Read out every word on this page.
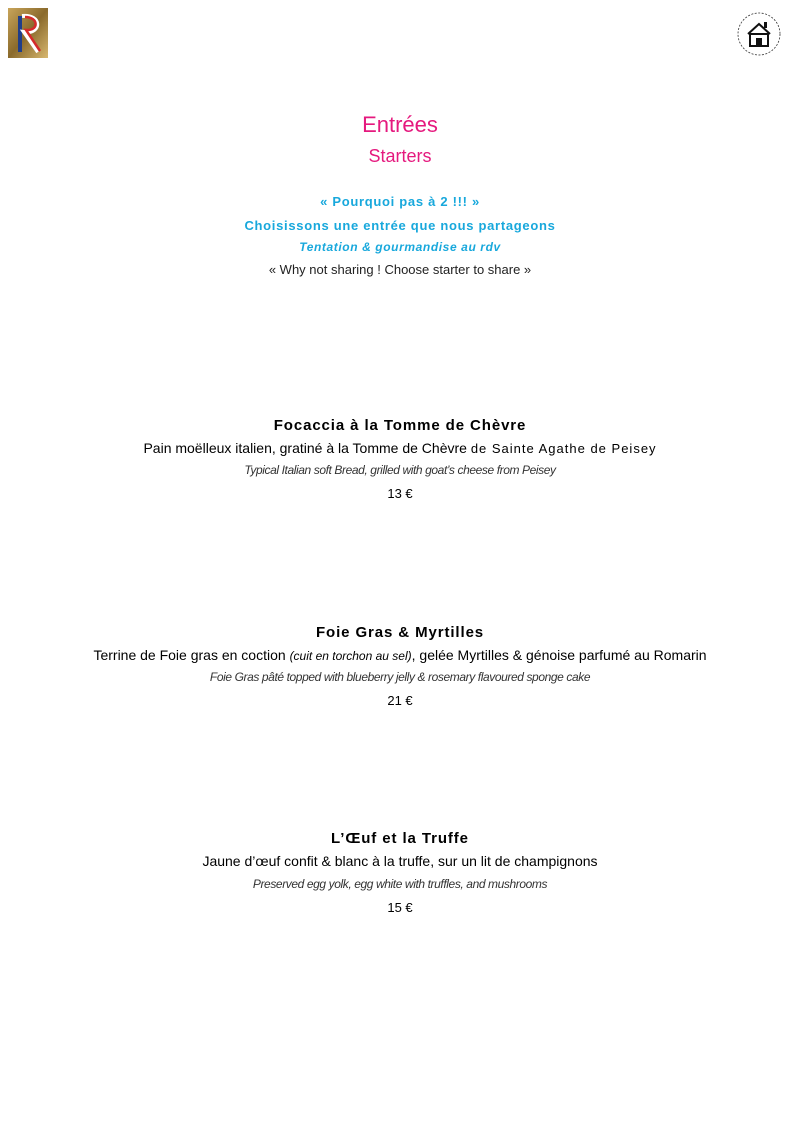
Entrées
Starters
« Pourquoi pas à 2 !!! »
Choisissons une entrée que nous partageons
Tentation & gourmandise au rdv
« Why not sharing ! Choose starter to share »
Focaccia à la Tomme de Chèvre
Pain moëlleux italien, gratiné à la Tomme de Chèvre de Sainte Agathe de Peisey
Typical Italian soft Bread, grilled with goat’s cheese from Peisey
13 €
Foie Gras & Myrtilles
Terrine de Foie gras en coction (cuit en torchon au sel), gelée Myrtilles & génoise parfumé au Romarin
Foie Gras pâté topped with blueberry jelly & rosemary flavoured sponge cake
21 €
L’Œuf et la Truffe
Jaune d’œuf confit & blanc à la truffe, sur un lit de champignons
Preserved egg yolk, egg white with truffles, and mushrooms
15 €
